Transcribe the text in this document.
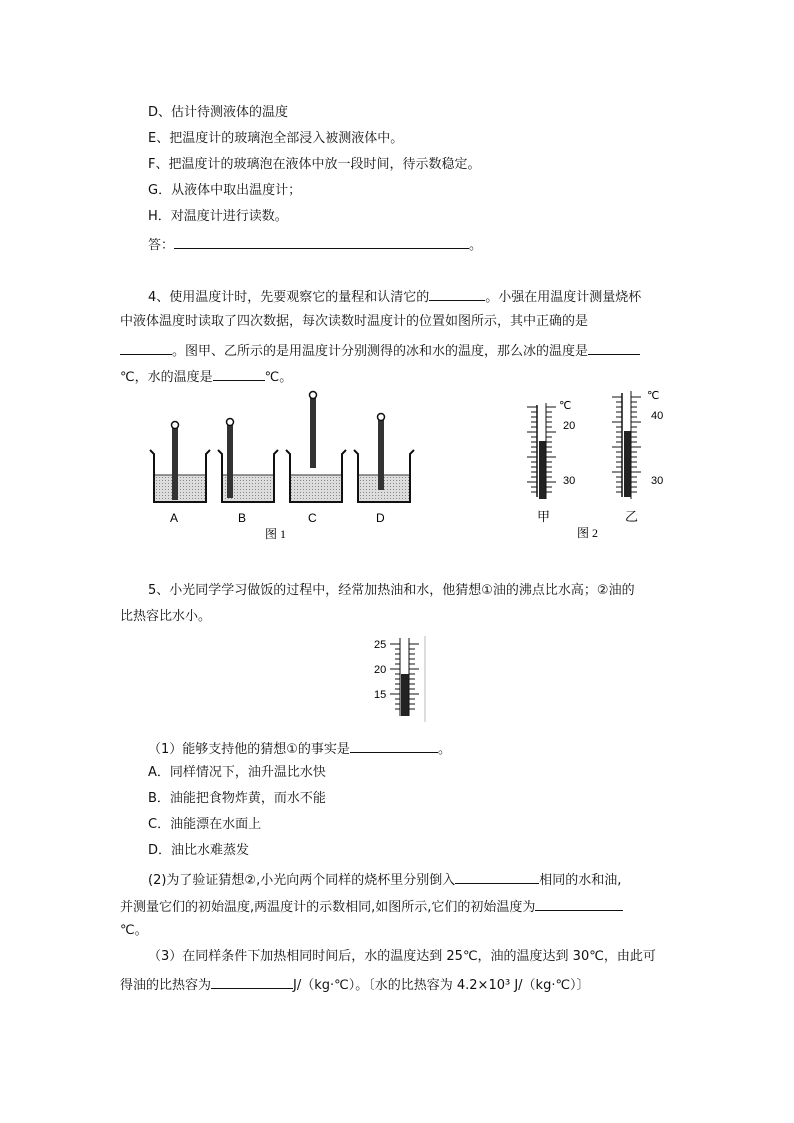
D、估计待测液体的温度
E、把温度计的玻璃泡全部浸入被测液体中。
F、把温度计的玻璃泡在液体中放一段时间，待示数稳定。
G．从液体中取出温度计；
H．对温度计进行读数。
答：	。
4、使用温度计时，先要观察它的量程和认清它的	。小强在用温度计测量烧杯
中液体温度时读取了四次数据，每次读数时温度计的位置如图所示，其中正确的是
。图甲、乙所示的是用温度计分别测得的冰和水的温度，那么冰的温度是
℃，水的温度是	℃。
A	B	C	D
图 1
℃
20
30
甲
℃
40
30
乙
图 2
5、小光同学学习做饭的过程中，经常加热油和水，他猜想①油的沸点比水高；②油的
比热容比水小。
25
20
15
（1）能够支持他的猜想①的事实是	。
A．同样情况下，油升温比水快
B．油能把食物炸黄，而水不能
C．油能漂在水面上
D．油比水难蒸发
(2)为了验证猜想②,小光向两个同样的烧杯里分别倒入	相同的水和油,
并测量它们的初始温度,两温度计的示数相同,如图所示,它们的初始温度为
℃。
（3）在同样条件下加热相同时间后，水的温度达到 25℃，油的温度达到 30℃，由此可
得油的比热容为	J/（kg·℃）。〔水的比热容为 4.2×10³ J/（kg·℃）〕
